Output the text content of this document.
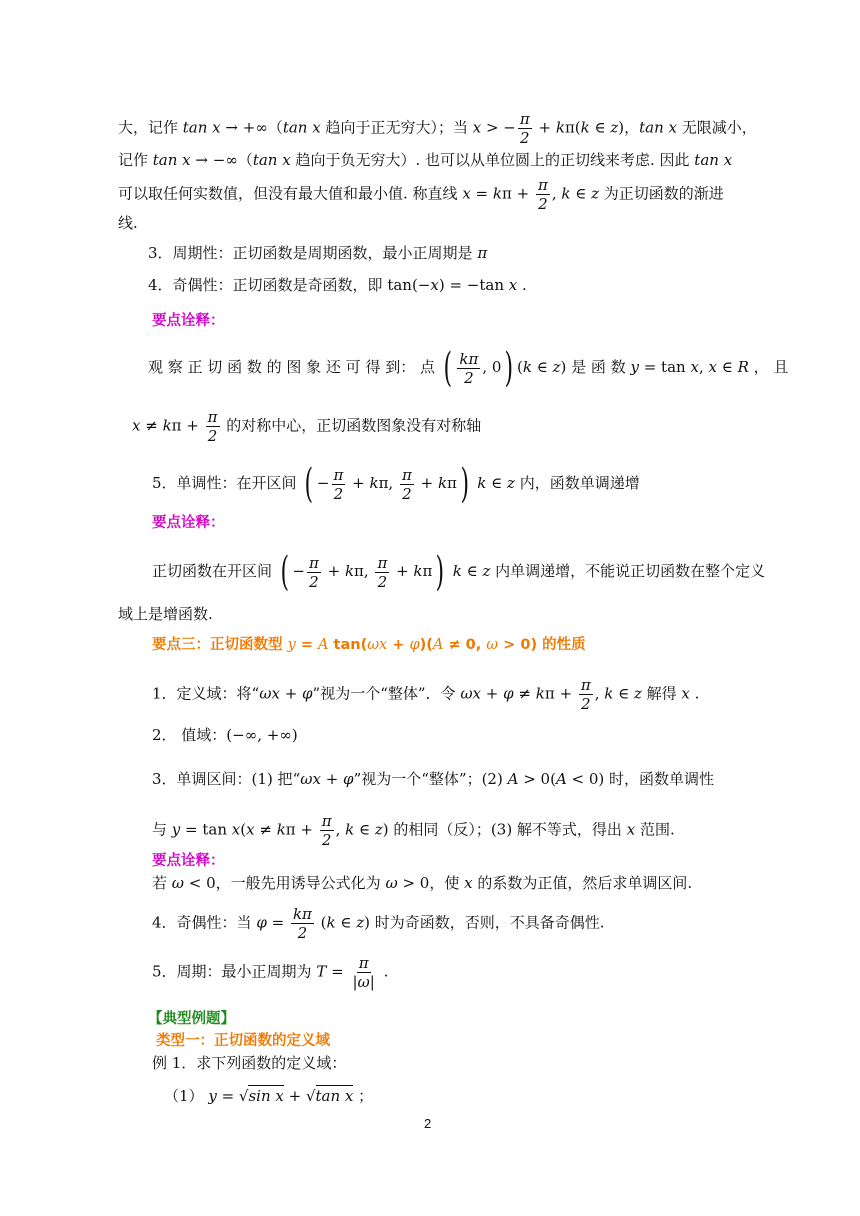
大，记作 tan x → +∞（tan x 趋向于正无穷大）；当 x > − $\frac{\pi}{2} + k\pi(k$ ∈ z)，tan x 无限减小，
记作 tan x → −∞（tan x 趋向于负无穷大）. 也可以从单位圆上的正切线来考虑. 因此 tan x
可以取任何实数值，但没有最大值和最小值. 称直线 $x = k\pi + \frac{\pi}{2}$ , k ∈ z 为正切函数的渐进
线.
3．周期性：正切函数是周期函数，最小正周期是 π
4．奇偶性：正切函数是奇函数，即 tan(−x) = −tan x .
要点诠释：
观 察 正 切 函 数 的 图 象 还 可 得 到： 点 ( $\frac{k\pi}{2}$ , 0) (k ∈ z) 是 函 数 y = tan x, x ∈ R ， 且
$x \ne k\pi + \frac{\pi}{2}$ 的对称中心，正切函数图象没有对称轴
5．单调性：在开区间 ( − $\frac{\pi}{2} + k\pi$, $\frac{\pi}{2} + k\pi$) k ∈ z 内，函数单调递增
要点诠释：
正切函数在开区间 ( − $\frac{\pi}{2} + k\pi$, $\frac{\pi}{2} + k\pi$) k ∈ z 内单调递增，不能说正切函数在整个定义
域上是增函数.
要点三：正切函数型 y = A tan(ωx + φ)(A ≠ 0, ω > 0) 的性质
1．定义域：将“ωx + φ”视为一个“整体”．令 $\omega x + \varphi \ne k\pi + \frac{\pi}{2}$ , k ∈ z 解得 x .
2． 值域：(−∞, +∞)
3．单调区间：(1) 把“ωx + φ”视为一个“整体”；(2) A > 0(A < 0) 时，函数单调性
与 $y = \tan x(x \ne k\pi + \frac{\pi}{2}$ , k ∈ z) 的相同（反）；(3) 解不等式，得出 x 范围.
要点诠释：
若 ω < 0，一般先用诱导公式化为 ω > 0，使 x 的系数为正值，然后求单调区间.
4．奇偶性：当 $\varphi = \frac{k\pi}{2} (k$ ∈ z) 时为奇函数，否则，不具备奇偶性.
5．周期：最小正周期为 $T = \frac{\pi}{|\omega|}$ .
【典型例题】
类型一：正切函数的定义域
例 1．求下列函数的定义域：
（1） y = √sin x + √tan x ；
2
